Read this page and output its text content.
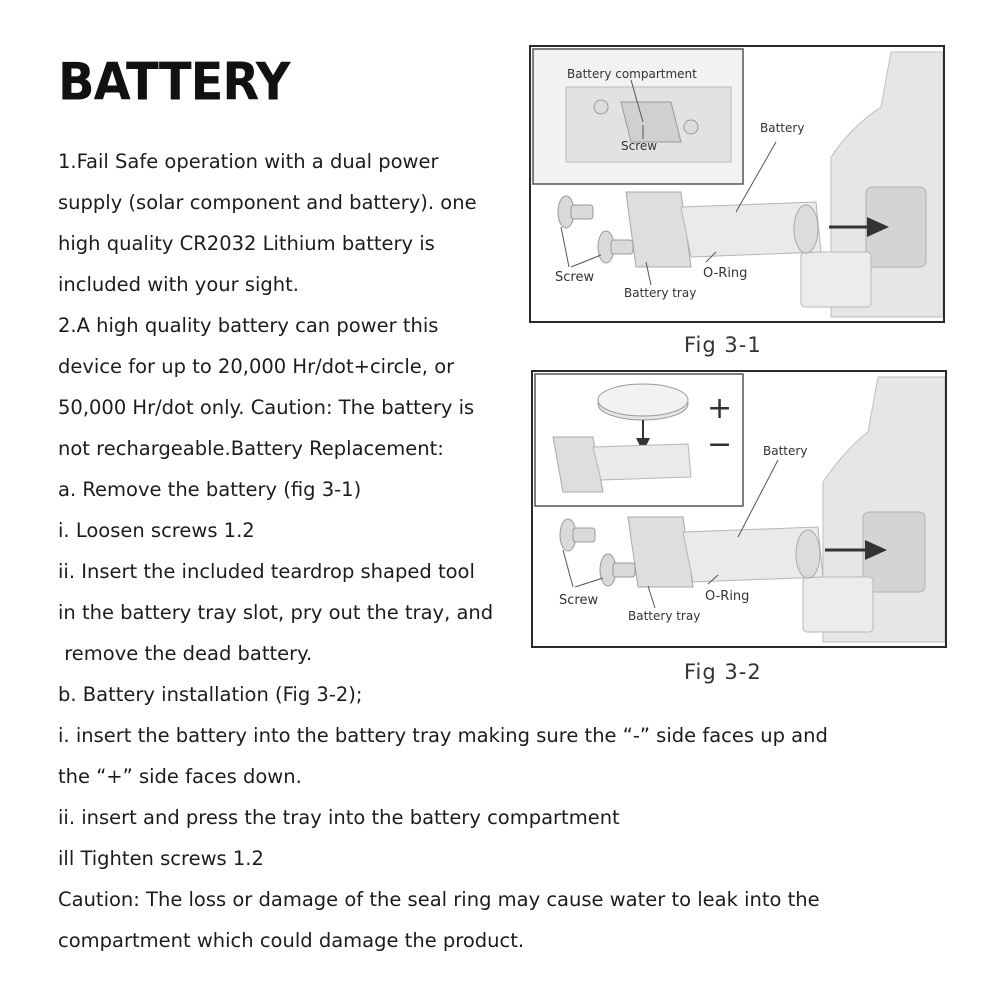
BATTERY
1.Fail Safe operation with a dual power
supply (solar component and battery). one
high quality CR2032 Lithium battery is
included with your sight.
2.A high quality battery can power this
device for up to 20,000 Hr/dot+circle, or
50,000 Hr/dot only. Caution: The battery is
not rechargeable.Battery Replacement:
a. Remove the battery (fig 3-1)
i. Loosen screws 1.2
ii. Insert the included teardrop shaped tool
in the battery tray slot, pry out the tray, and
remove the dead battery.
b. Battery installation (Fig 3-2);
i. insert the battery into the battery tray making sure the “-” side faces up and
the “+” side faces down.
ii. insert and press the tray into the battery compartment
ill Tighten screws 1.2
Caution: The loss or damage of the seal ring may cause water to leak into the
compartment which could damage the product.
Battery compartment
Screw
Battery
Screw	O-Ring
Battery tray
Fig 3-1
+
−	Battery
Screw	O-Ring
Battery tray
Fig 3-2
